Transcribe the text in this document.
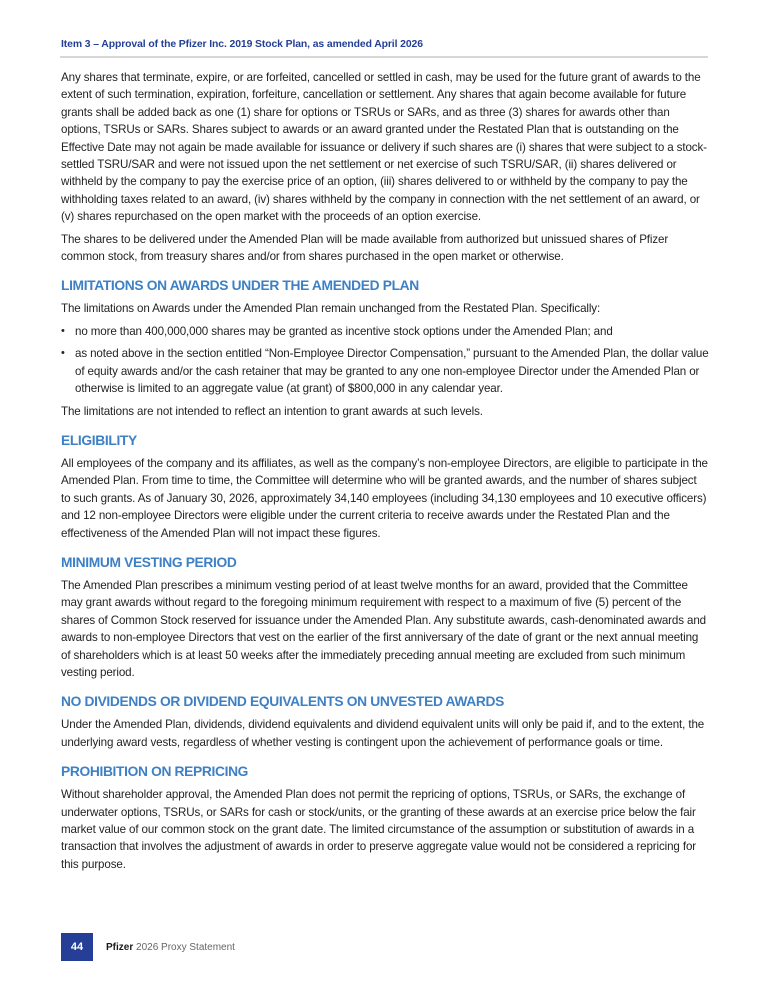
Item 3 – Approval of the Pfizer Inc. 2019 Stock Plan, as amended April 2026

Any shares that terminate, expire, or are forfeited, cancelled or settled in cash, may be used for the future grant of awards to the extent of such termination, expiration, forfeiture, cancellation or settlement. Any shares that again become available for future grants shall be added back as one (1) share for options or TSRUs or SARs, and as three (3) shares for awards other than options, TSRUs or SARs. Shares subject to awards or an award granted under the Restated Plan that is outstanding on the Effective Date may not again be made available for issuance or delivery if such shares are (i) shares that were subject to a stock-settled TSRU/SAR and were not issued upon the net settlement or net exercise of such TSRU/SAR, (ii) shares delivered or withheld by the company to pay the exercise price of an option, (iii) shares delivered to or withheld by the company to pay the withholding taxes related to an award, (iv) shares withheld by the company in connection with the net settlement of an award, or (v) shares repurchased on the open market with the proceeds of an option exercise.

The shares to be delivered under the Amended Plan will be made available from authorized but unissued shares of Pfizer common stock, from treasury shares and/or from shares purchased in the open market or otherwise.

LIMITATIONS ON AWARDS UNDER THE AMENDED PLAN

The limitations on Awards under the Amended Plan remain unchanged from the Restated Plan. Specifically:

• no more than 400,000,000 shares may be granted as incentive stock options under the Amended Plan; and
• as noted above in the section entitled “Non-Employee Director Compensation,” pursuant to the Amended Plan, the dollar value of equity awards and/or the cash retainer that may be granted to any one non-employee Director under the Amended Plan or otherwise is limited to an aggregate value (at grant) of $800,000 in any calendar year.

The limitations are not intended to reflect an intention to grant awards at such levels.

ELIGIBILITY

All employees of the company and its affiliates, as well as the company’s non-employee Directors, are eligible to participate in the Amended Plan. From time to time, the Committee will determine who will be granted awards, and the number of shares subject to such grants. As of January 30, 2026, approximately 34,140 employees (including 34,130 employees and 10 executive officers) and 12 non-employee Directors were eligible under the current criteria to receive awards under the Restated Plan and the effectiveness of the Amended Plan will not impact these figures.

MINIMUM VESTING PERIOD

The Amended Plan prescribes a minimum vesting period of at least twelve months for an award, provided that the Committee may grant awards without regard to the foregoing minimum requirement with respect to a maximum of five (5) percent of the shares of Common Stock reserved for issuance under the Amended Plan. Any substitute awards, cash-denominated awards and awards to non-employee Directors that vest on the earlier of the first anniversary of the date of grant or the next annual meeting of shareholders which is at least 50 weeks after the immediately preceding annual meeting are excluded from such minimum vesting period.

NO DIVIDENDS OR DIVIDEND EQUIVALENTS ON UNVESTED AWARDS

Under the Amended Plan, dividends, dividend equivalents and dividend equivalent units will only be paid if, and to the extent, the underlying award vests, regardless of whether vesting is contingent upon the achievement of performance goals or time.

PROHIBITION ON REPRICING

Without shareholder approval, the Amended Plan does not permit the repricing of options, TSRUs, or SARs, the exchange of underwater options, TSRUs, or SARs for cash or stock/units, or the granting of these awards at an exercise price below the fair market value of our common stock on the grant date. The limited circumstance of the assumption or substitution of awards in a transaction that involves the adjustment of awards in order to preserve aggregate value would not be considered a repricing for this purpose.

44	Pfizer 2026 Proxy Statement
